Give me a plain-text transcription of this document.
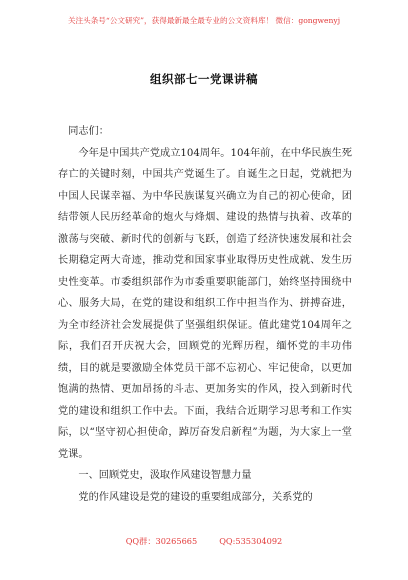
关注头条号“公文研究”，获得最新最全最专业的公文资料库！ 微信：gongwenyj
组织部七一党课讲稿

同志们：

今年是中国共产党成立104周年。104年前，在中华民族生死存亡的关键时刻，中国共产党诞生了。自诞生之日起，党就把为中国人民谋幸福、为中华民族谋复兴确立为自己的初心使命，团结带领人民历经革命的炮火与烽烟、建设的热情与执着、改革的激荡与突破、新时代的创新与飞跃，创造了经济快速发展和社会长期稳定两大奇迹，推动党和国家事业取得历史性成就、发生历史性变革。市委组织部作为市委重要职能部门，始终坚持围绕中心、服务大局，在党的建设和组织工作中担当作为、拼搏奋进，为全市经济社会发展提供了坚强组织保证。值此建党104周年之际，我们召开庆祝大会，回顾党的光辉历程，缅怀党的丰功伟绩，目的就是要激励全体党员干部不忘初心、牢记使命，以更加饱满的热情、更加昂扬的斗志、更加务实的作风，投入到新时代党的建设和组织工作中去。下面，我结合近期学习思考和工作实际，以“坚守初心担使命，踔厉奋发启新程”为题，为大家上一堂党课。

一、回顾党史，汲取作风建设智慧力量

党的作风建设是党的建设的重要组成部分，关系党的

QQ群：30265665	QQ:535304092
